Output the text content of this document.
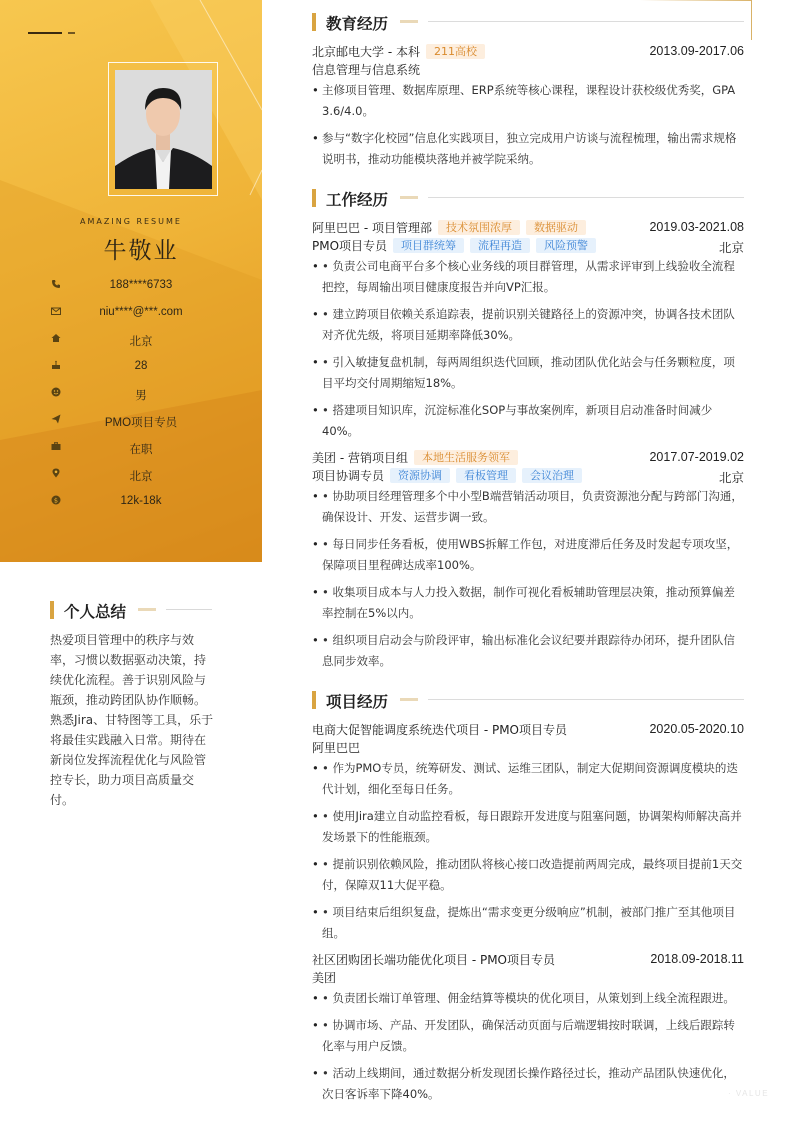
AMAZING RESUME
牛敬业
188****6733
niu****@***.com
北京
28
男
PMO项目专员
在职
北京
$	12k-18k
个人总结
热爱项目管理中的秩序与效率，习惯以数据驱动决策，持续优化流程。善于识别风险与瓶颈，推动跨团队协作顺畅。熟悉Jira、甘特图等工具，乐于将最佳实践融入日常。期待在新岗位发挥流程优化与风险管控专长，助力项目高质量交付。
教育经历
北京邮电大学 - 本科	211高校	2013.09-2017.06
信息管理与信息系统
• 主修项目管理、数据库原理、ERP系统等核心课程，课程设计获校级优秀奖，GPA 3.6/4.0。
• 参与“数字化校园”信息化实践项目，独立完成用户访谈与流程梳理，输出需求规格说明书，推动功能模块落地并被学院采纳。
工作经历
阿里巴巴 - 项目管理部	技术氛围浓厚	数据驱动	2019.03-2021.08
PMO项目专员	项目群统筹	流程再造	风险预警	北京
• • 负责公司电商平台多个核心业务线的项目群管理，从需求评审到上线验收全流程把控，每周输出项目健康度报告并向VP汇报。
• • 建立跨项目依赖关系追踪表，提前识别关键路径上的资源冲突，协调各技术团队对齐优先级，将项目延期率降低30%。
• • 引入敏捷复盘机制，每两周组织迭代回顾，推动团队优化站会与任务颗粒度，项目平均交付周期缩短18%。
• • 搭建项目知识库，沉淀标准化SOP与事故案例库，新项目启动准备时间减少40%。
美团 - 营销项目组	本地生活服务领军	2017.07-2019.02
项目协调专员	资源协调	看板管理	会议治理	北京
• • 协助项目经理管理多个中小型B端营销活动项目，负责资源池分配与跨部门沟通，确保设计、开发、运营步调一致。
• • 每日同步任务看板，使用WBS拆解工作包，对进度滞后任务及时发起专项攻坚，保障项目里程碑达成率100%。
• • 收集项目成本与人力投入数据，制作可视化看板辅助管理层决策，推动预算偏差率控制在5%以内。
• • 组织项目启动会与阶段评审，输出标准化会议纪要并跟踪待办闭环，提升团队信息同步效率。
项目经历
电商大促智能调度系统迭代项目 - PMO项目专员	2020.05-2020.10
阿里巴巴
• • 作为PMO专员，统筹研发、测试、运维三团队，制定大促期间资源调度模块的迭代计划，细化至每日任务。
• • 使用Jira建立自动监控看板，每日跟踪开发进度与阻塞问题，协调架构师解决高并发场景下的性能瓶颈。
• • 提前识别依赖风险，推动团队将核心接口改造提前两周完成，最终项目提前1天交付，保障双11大促平稳。
• • 项目结束后组织复盘，提炼出“需求变更分级响应”机制，被部门推广至其他项目组。
社区团购团长端功能优化项目 - PMO项目专员	2018.09-2018.11
美团
• • 负责团长端订单管理、佣金结算等模块的优化项目，从策划到上线全流程跟进。
• • 协调市场、产品、开发团队，确保活动页面与后端逻辑按时联调，上线后跟踪转化率与用户反馈。
• • 活动上线期间，通过数据分析发现团长操作路径过长，推动产品团队快速优化，次日客诉率下降40%。	· VALUE
